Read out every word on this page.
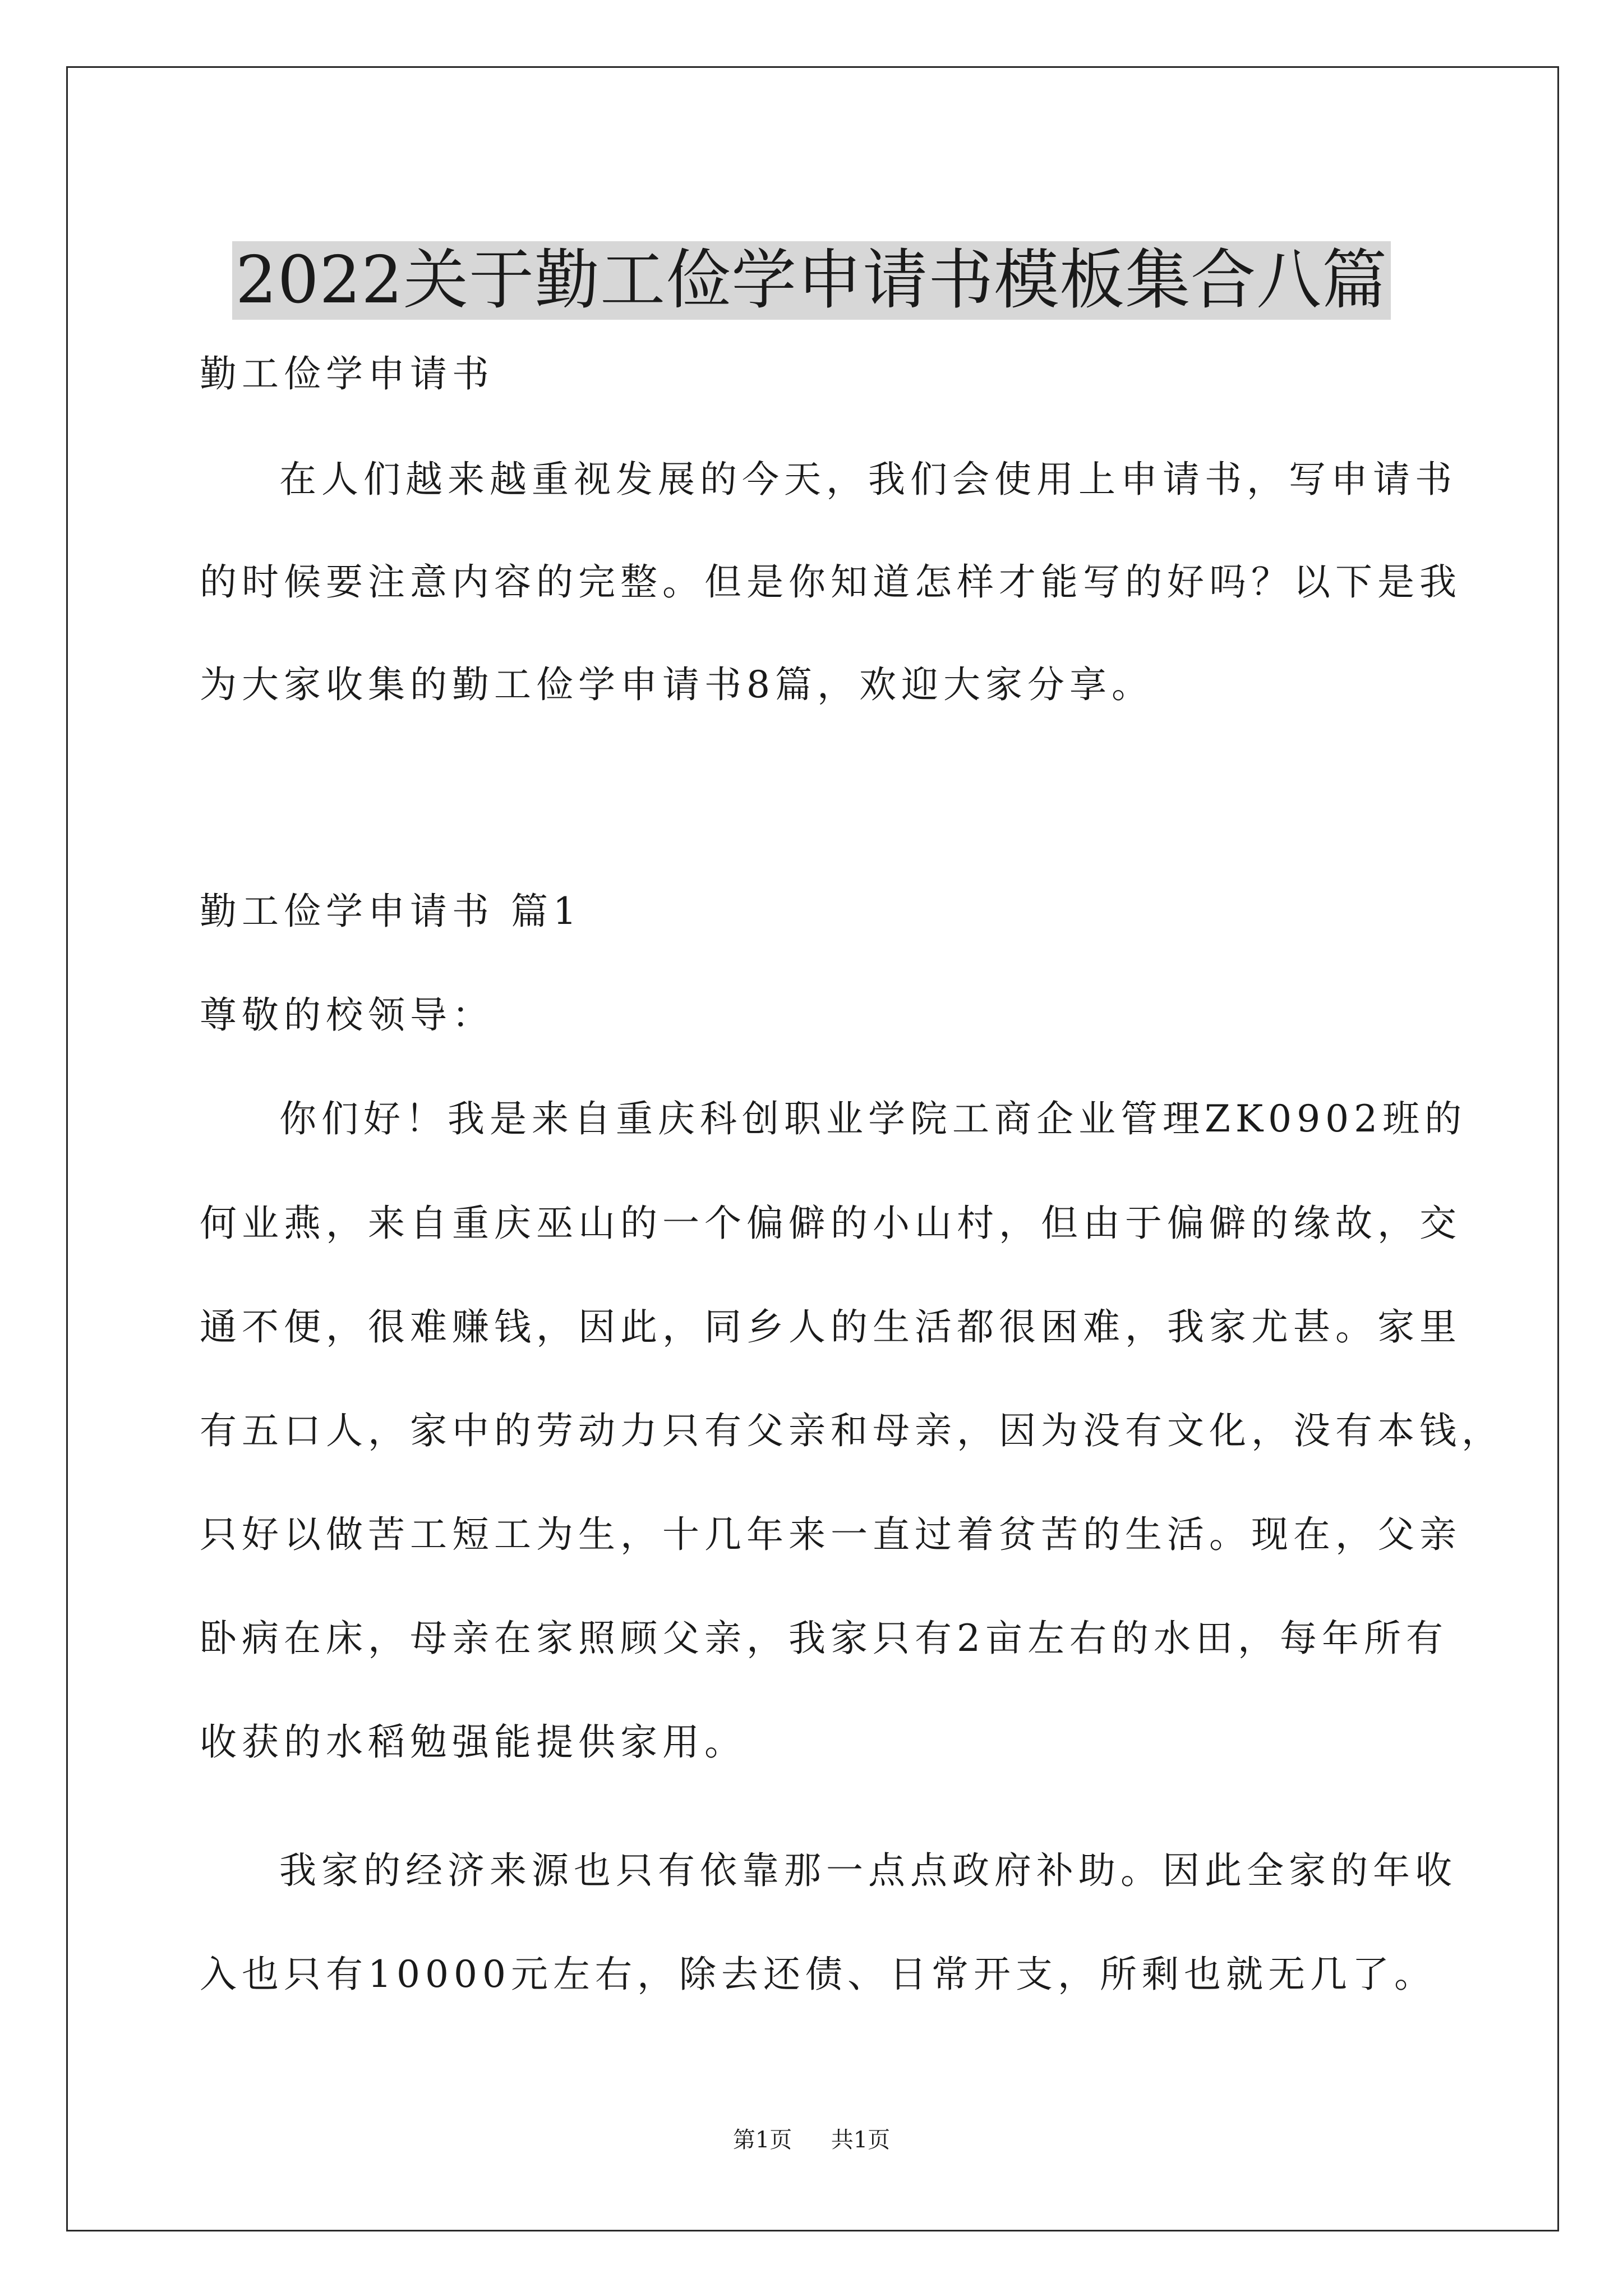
2022关于勤工俭学申请书模板集合八篇
勤工俭学申请书
在人们越来越重视发展的今天，我们会使用上申请书，写申请书
的时候要注意内容的完整。但是你知道怎样才能写的好吗？以下是我
为大家收集的勤工俭学申请书8篇，欢迎大家分享。
勤工俭学申请书 篇1
尊敬的校领导：
你们好！我是来自重庆科创职业学院工商企业管理ZK0902班的
何业燕，来自重庆巫山的一个偏僻的小山村，但由于偏僻的缘故，交
通不便，很难赚钱，因此，同乡人的生活都很困难，我家尤甚。家里
有五口人，家中的劳动力只有父亲和母亲，因为没有文化，没有本钱，
只好以做苦工短工为生，十几年来一直过着贫苦的生活。现在，父亲
卧病在床，母亲在家照顾父亲，我家只有2亩左右的水田，每年所有
收获的水稻勉强能提供家用。
我家的经济来源也只有依靠那一点点政府补助。因此全家的年收
入也只有10000元左右，除去还债、日常开支，所剩也就无几了。
第1页 共1页
